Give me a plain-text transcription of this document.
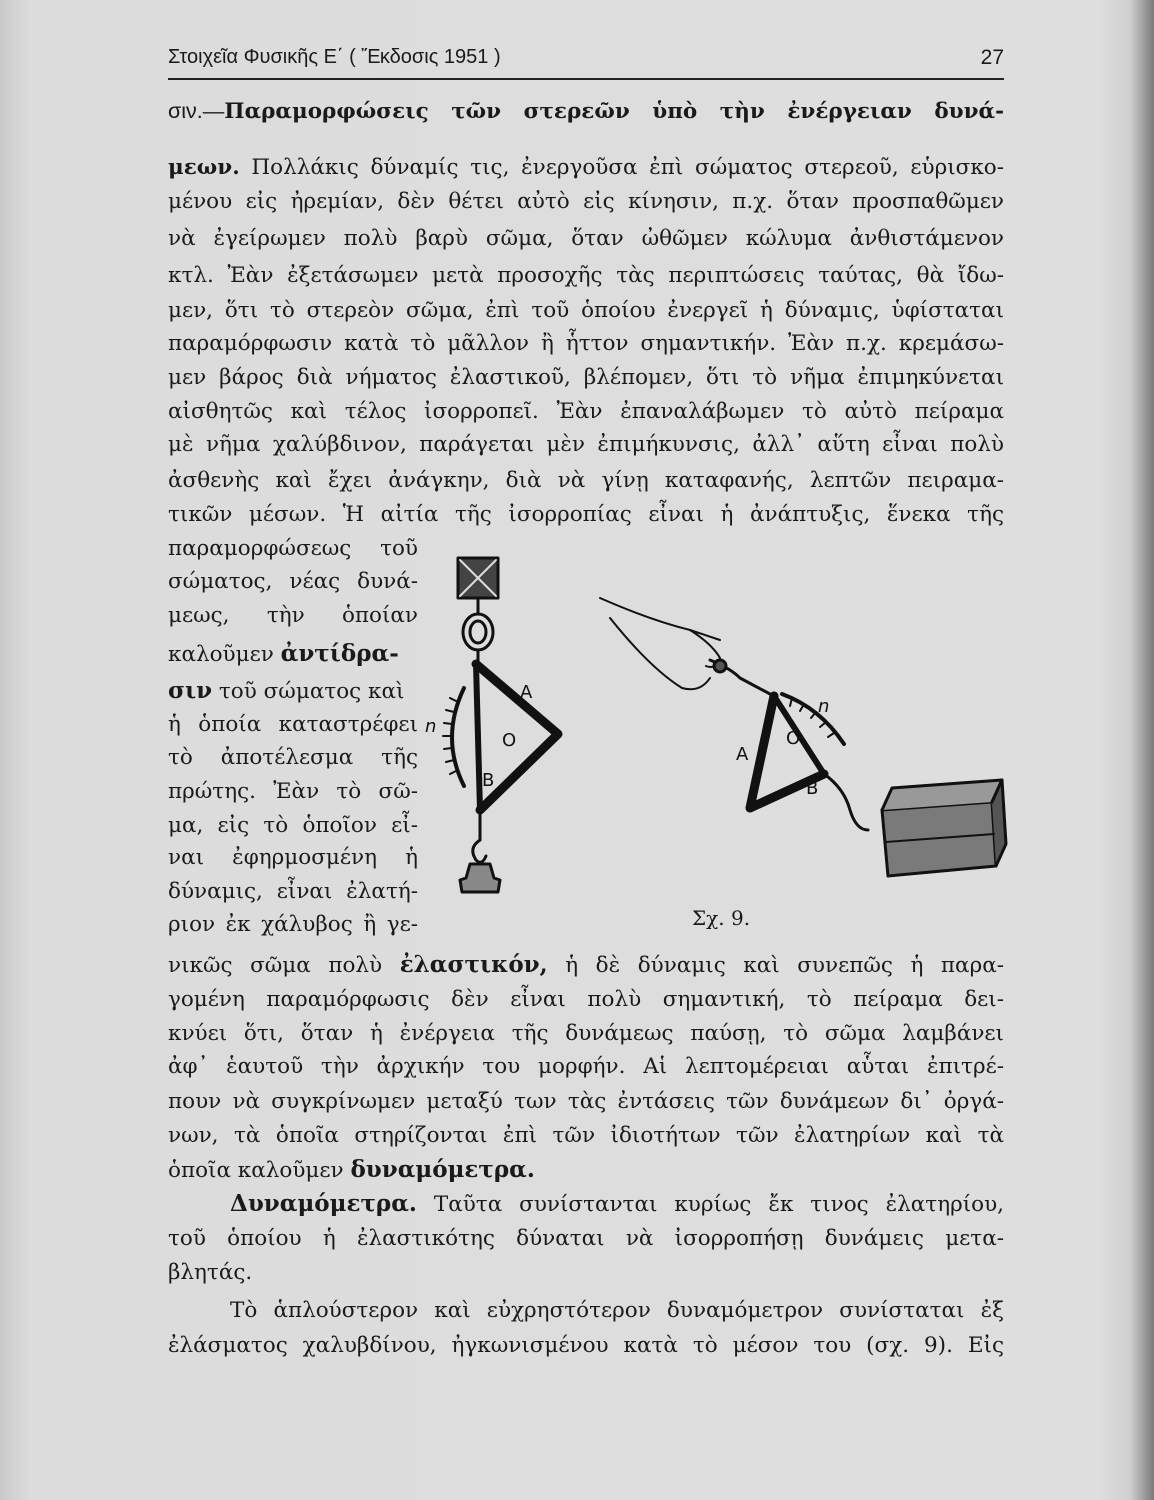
Στοιχεῖα Φυσικῆς Ε΄ ( Ἔκδοσις 1951 )	27
σιν.—Παραμορφώσεις τῶν στερεῶν ὑπὸ τὴν ἐνέργειαν δυνά-
μεων. Πολλάκις δύναμίς τις, ἐνεργοῦσα ἐπὶ σώματος στερεοῦ, εὑρισκο-
μένου εἰς ἠρεμίαν, δὲν θέτει αὐτὸ εἰς κίνησιν, π.χ. ὅταν προσπαθῶμεν
νὰ ἐγείρωμεν πολὺ βαρὺ σῶμα, ὅταν ὠθῶμεν κώλυμα ἀνθιστάμενον
κτλ. Ἐὰν ἐξετάσωμεν μετὰ προσοχῆς τὰς περιπτώσεις ταύτας, θὰ ἴδω-
μεν, ὅτι τὸ στερεὸν σῶμα, ἐπὶ τοῦ ὁποίου ἐνεργεῖ ἡ δύναμις, ὑφίσταται
παραμόρφωσιν κατὰ τὸ μᾶλλον ἢ ἧττον σημαντικήν. Ἐὰν π.χ. κρεμάσω-
μεν βάρος διὰ νήματος ἐλαστικοῦ, βλέπομεν, ὅτι τὸ νῆμα ἐπιμηκύνεται
αἰσθητῶς καὶ τέλος ἰσορροπεῖ. Ἐὰν ἐπαναλάβωμεν τὸ αὐτὸ πείραμα
μὲ νῆμα χαλύβδινον, παράγεται μὲν ἐπιμήκυνσις, ἀλλ᾽ αὕτη εἶναι πολὺ
ἀσθενὴς καὶ ἔχει ἀνάγκην, διὰ νὰ γίνῃ καταφανής, λεπτῶν πειραμα-
τικῶν μέσων. Ἡ αἰτία τῆς ἰσορροπίας εἶναι ἡ ἀνάπτυξις, ἕνεκα τῆς
παραμορφώσεως τοῦ
σώματος, νέας δυνά-
μεως, τὴν ὁποίαν
καλοῦμεν ἀντίδρα-
σιν τοῦ σώματος καὶ
ἡ ὁποία καταστρέφει
τὸ ἀποτέλεσμα τῆς
πρώτης. Ἐὰν τὸ σῶ-
μα, εἰς τὸ ὁποῖον εἶ-
ναι ἐφηρμοσμένη ἡ
δύναμις, εἶναι ἐλατή-
ριον ἐκ χάλυβος ἢ γε-
A
O
B
n
A
O
B
n
Σχ. 9.
νικῶς σῶμα πολὺ ἐλαστικόν, ἡ δὲ δύναμις καὶ συνεπῶς ἡ παρα-
γομένη παραμόρφωσις δὲν εἶναι πολὺ σημαντική, τὸ πείραμα δει-
κνύει ὅτι, ὅταν ἡ ἐνέργεια τῆς δυνάμεως παύσῃ, τὸ σῶμα λαμβάνει
ἀφ᾽ ἑαυτοῦ τὴν ἀρχικήν του μορφήν. Αἱ λεπτομέρειαι αὗται ἐπιτρέ-
πουν νὰ συγκρίνωμεν μεταξύ των τὰς ἐντάσεις τῶν δυνάμεων δι᾽ ὀργά-
νων, τὰ ὁποῖα στηρίζονται ἐπὶ τῶν ἰδιοτήτων τῶν ἐλατηρίων καὶ τὰ
ὁποῖα καλοῦμεν δυναμόμετρα.
Δυναμόμετρα. Ταῦτα συνίστανται κυρίως ἔκ τινος ἐλατηρίου,
τοῦ ὁποίου ἡ ἐλαστικότης δύναται νὰ ἰσορροπήσῃ δυνάμεις μετα-
βλητάς.
Τὸ ἁπλούστερον καὶ εὐχρηστότερον δυναμόμετρον συνίσταται ἐξ
ἐλάσματος χαλυβδίνου, ἠγκωνισμένου κατὰ τὸ μέσον του (σχ. 9). Εἰς
